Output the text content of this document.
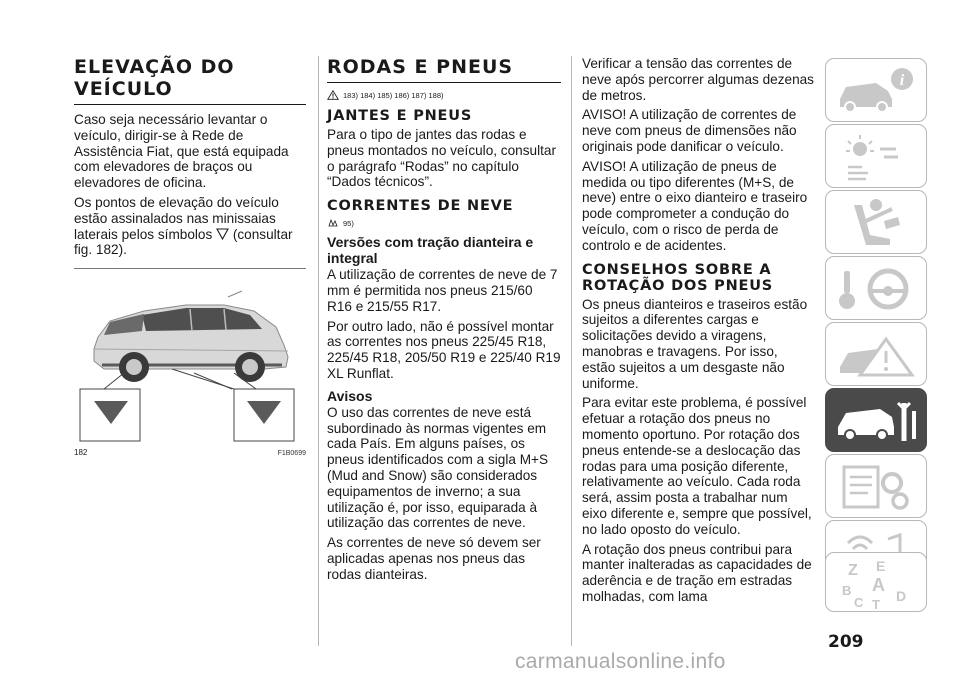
ELEVAÇÃO DO
VEÍCULO

Caso seja necessário levantar o veículo, dirigir-se à Rede de Assistência Fiat, que está equipada com elevadores de braços ou elevadores de oficina.

Os pontos de elevação do veículo estão assinalados nas minissaias laterais pelos símbolos (consultar fig. 182).

182	F1B0699
RODAS E PNEUS
183) 184) 185) 186) 187) 188)
JANTES E PNEUS

Para o tipo de jantes das rodas e pneus montados no veículo, consultar o parágrafo “Rodas” no capítulo “Dados técnicos”.

CORRENTES DE NEVE
95)
Versões com tração dianteira e integral

A utilização de correntes de neve de 7 mm é permitida nos pneus 215/60 R16 e 215/55 R17.

Por outro lado, não é possível montar as correntes nos pneus 225/45 R18, 225/45 R18, 205/50 R19 e 225/40 R19 XL Runflat.

Avisos

O uso das correntes de neve está subordinado às normas vigentes em cada País. Em alguns países, os pneus identificados com a sigla M+S (Mud and Snow) são considerados equipamentos de inverno; a sua utilização é, por isso, equiparada à utilização das correntes de neve.

As correntes de neve só devem ser aplicadas apenas nos pneus das rodas dianteiras.

Verificar a tensão das correntes de neve após percorrer algumas dezenas de metros.

AVISO! A utilização de correntes de neve com pneus de dimensões não originais pode danificar o veículo.

AVISO! A utilização de pneus de medida ou tipo diferentes (M+S, de neve) entre o eixo dianteiro e traseiro pode comprometer a condução do veículo, com o risco de perda de controlo e de acidentes.

CONSELHOS SOBRE A ROTAÇÃO DOS PNEUS

Os pneus dianteiros e traseiros estão sujeitos a diferentes cargas e solicitações devido a viragens, manobras e travagens. Por isso, estão sujeitos a um desgaste não uniforme.

Para evitar este problema, é possível efetuar a rotação dos pneus no momento oportuno. Por rotação dos pneus entende-se a deslocação das rodas para uma posição diferente, relativamente ao veículo. Cada roda será, assim posta a trabalhar num eixo diferente e, sempre que possível, no lado oposto do veículo.

A rotação dos pneus contribui para manter inalteradas as capacidades de aderência e de tração em estradas molhadas, com lama

i
Z E
B A
C T
D
209
carmanualsonline.info
